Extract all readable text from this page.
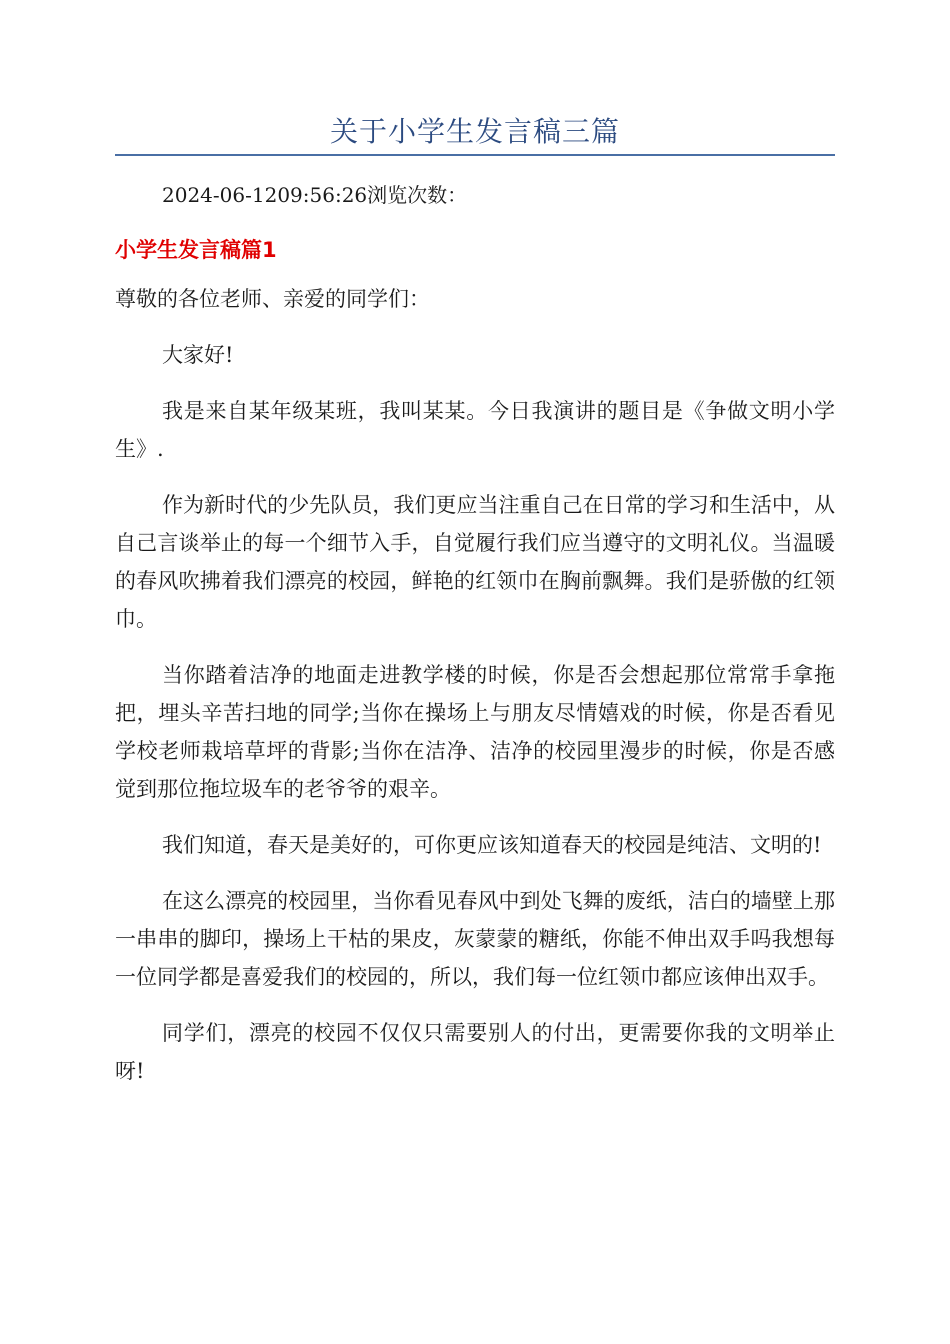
关于小学生发言稿三篇
2024-06-1209:56:26浏览次数：
小学生发言稿篇1

尊敬的各位老师、亲爱的同学们：

大家好!

我是来自某年级某班，我叫某某。今日我演讲的题目是《争做文明小学生》.

作为新时代的少先队员，我们更应当注重自己在日常的学习和生活中，从自己言谈举止的每一个细节入手，自觉履行我们应当遵守的文明礼仪。当温暖的春风吹拂着我们漂亮的校园，鲜艳的红领巾在胸前飘舞。我们是骄傲的红领巾。

当你踏着洁净的地面走进教学楼的时候，你是否会想起那位常常手拿拖把，埋头辛苦扫地的同学;当你在操场上与朋友尽情嬉戏的时候，你是否看见学校老师栽培草坪的背影;当你在洁净、洁净的校园里漫步的时候，你是否感觉到那位拖垃圾车的老爷爷的艰辛。

我们知道，春天是美好的，可你更应该知道春天的校园是纯洁、文明的!

在这么漂亮的校园里，当你看见春风中到处飞舞的废纸，洁白的墙壁上那一串串的脚印，操场上干枯的果皮，灰蒙蒙的糖纸，你能不伸出双手吗我想每一位同学都是喜爱我们的校园的，所以，我们每一位红领巾都应该伸出双手。

同学们，漂亮的校园不仅仅只需要别人的付出，更需要你我的文明举止呀!
